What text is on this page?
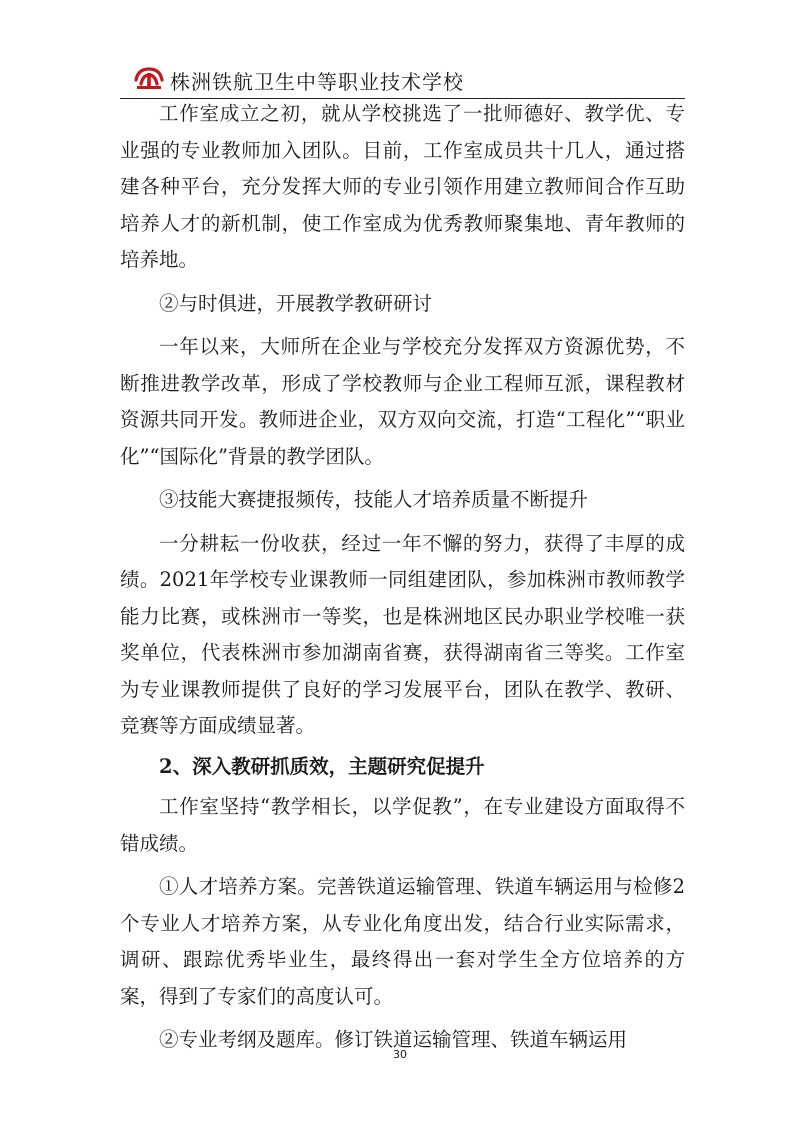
株洲铁航卫生中等职业技术学校

工作室成立之初，就从学校挑选了一批师德好、教学优、专业强的专业教师加入团队。目前，工作室成员共十几人，通过搭建各种平台，充分发挥大师的专业引领作用建立教师间合作互助培养人才的新机制，使工作室成为优秀教师聚集地、青年教师的培养地。

②与时俱进，开展教学教研研讨

一年以来，大师所在企业与学校充分发挥双方资源优势，不断推进教学改革，形成了学校教师与企业工程师互派，课程教材资源共同开发。教师进企业，双方双向交流，打造“工程化”“职业化”“国际化”背景的教学团队。

③技能大赛捷报频传，技能人才培养质量不断提升

一分耕耘一份收获，经过一年不懈的努力，获得了丰厚的成绩。2021年学校专业课教师一同组建团队，参加株洲市教师教学能力比赛，或株洲市一等奖，也是株洲地区民办职业学校唯一获奖单位，代表株洲市参加湖南省赛，获得湖南省三等奖。工作室为专业课教师提供了良好的学习发展平台，团队在教学、教研、竞赛等方面成绩显著。

2、深入教研抓质效，主题研究促提升

工作室坚持“教学相长，以学促教”，在专业建设方面取得不错成绩。

①人才培养方案。完善铁道运输管理、铁道车辆运用与检修2个专业人才培养方案，从专业化角度出发，结合行业实际需求，调研、跟踪优秀毕业生，最终得出一套对学生全方位培养的方案，得到了专家们的高度认可。

②专业考纲及题库。修订铁道运输管理、铁道车辆运用

30
